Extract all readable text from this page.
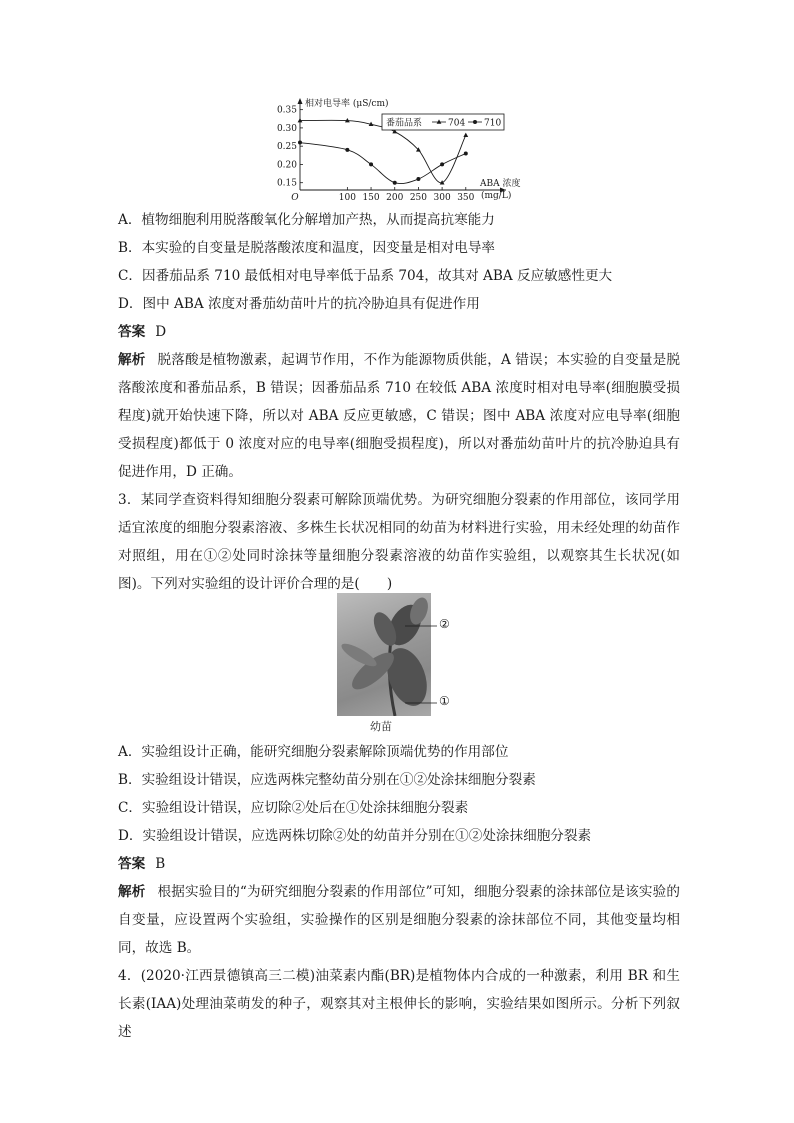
相对电导率 (μS/cm)
ABA 浓度
(mg/L)
O
0.35
0.30
0.25
0.20
0.15
100 150 200 250 300 350
番茄品系	704 710

A．植物细胞利用脱落酸氧化分解增加产热，从而提高抗寒能力

B．本实验的自变量是脱落酸浓度和温度，因变量是相对电导率

C．因番茄品系 710 最低相对电导率低于品系 704，故其对 ABA 反应敏感性更大

D．图中 ABA 浓度对番茄幼苗叶片的抗冷胁迫具有促进作用

答案 D

解析 脱落酸是植物激素，起调节作用，不作为能源物质供能，A 错误；本实验的自变量是脱落酸浓度和番茄品系，B 错误；因番茄品系 710 在较低 ABA 浓度时相对电导率(细胞膜受损程度)就开始快速下降，所以对 ABA 反应更敏感，C 错误；图中 ABA 浓度对应电导率(细胞受损程度)都低于 0 浓度对应的电导率(细胞受损程度)，所以对番茄幼苗叶片的抗冷胁迫具有促进作用，D 正确。

3．某同学查资料得知细胞分裂素可解除顶端优势。为研究细胞分裂素的作用部位，该同学用适宜浓度的细胞分裂素溶液、多株生长状况相同的幼苗为材料进行实验，用未经处理的幼苗作对照组，用在①②处同时涂抹等量细胞分裂素溶液的幼苗作实验组，以观察其生长状况(如图)。下列对实验组的设计评价合理的是(　　)

②
①
幼苗

A．实验组设计正确，能研究细胞分裂素解除顶端优势的作用部位

B．实验组设计错误，应选两株完整幼苗分别在①②处涂抹细胞分裂素

C．实验组设计错误，应切除②处后在①处涂抹细胞分裂素

D．实验组设计错误，应选两株切除②处的幼苗并分别在①②处涂抹细胞分裂素

答案 B

解析 根据实验目的“为研究细胞分裂素的作用部位”可知，细胞分裂素的涂抹部位是该实验的自变量，应设置两个实验组，实验操作的区别是细胞分裂素的涂抹部位不同，其他变量均相同，故选 B。

4．(2020·江西景德镇高三二模)油菜素内酯(BR)是植物体内合成的一种激素，利用 BR 和生长素(IAA)处理油菜萌发的种子，观察其对主根伸长的影响，实验结果如图所示。分析下列叙述
